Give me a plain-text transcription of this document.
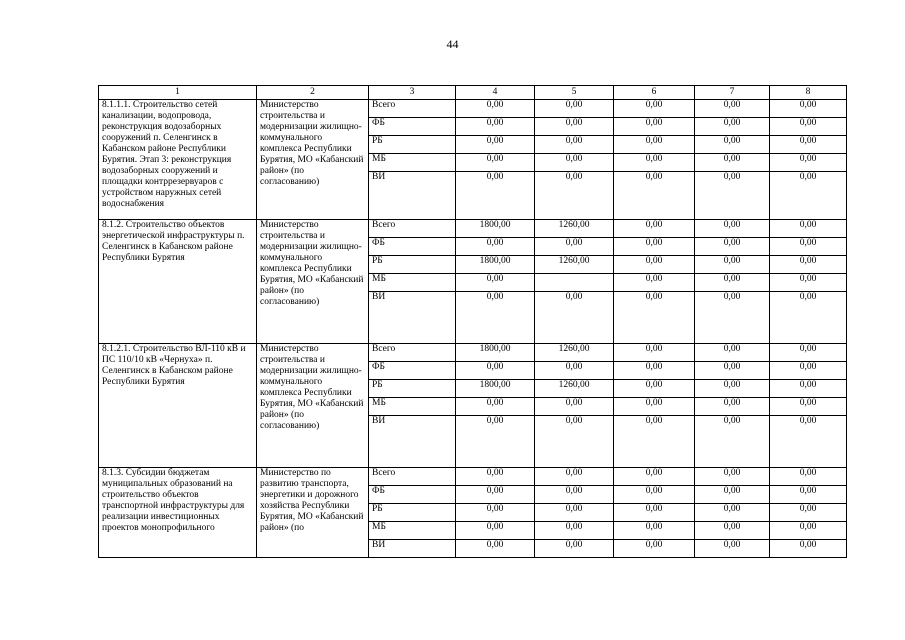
44
1	2	3	4	5	6	7	8
8.1.1.1. Строительство сетей канализации, водопровода, реконструкция водозаборных сооружений п. Селенгинск в Кабанском районе Республики Бурятия. Этап 3: реконструкция водозаборных сооружений и площадки контррезервуаров с устройством наружных сетей водоснабжения	Министерство строительства и модернизации жилищно-коммунального комплекса Республики Бурятия, МО «Кабанский район» (по согласованию)	Всего	0,00	0,00	0,00	0,00	0,00
		ФБ	0,00	0,00	0,00	0,00	0,00
		РБ	0,00	0,00	0,00	0,00	0,00
		МБ	0,00	0,00	0,00	0,00	0,00
		ВИ	0,00	0,00	0,00	0,00	0,00
8.1.2. Строительство объектов энергетической инфраструктуры п. Селенгинск в Кабанском районе Республики Бурятия	Министерство строительства и модернизации жилищно-коммунального комплекса Республики Бурятия, МО «Кабанский район» (по согласованию)	Всего	1800,00	1260,00	0,00	0,00	0,00
		ФБ	0,00	0,00	0,00	0,00	0,00
		РБ	1800,00	1260,00	0,00	0,00	0,00
		МБ	0,00		0,00	0,00	0,00
		ВИ	0,00	0,00	0,00	0,00	0,00
8.1.2.1. Строительство ВЛ-110 кВ и ПС 110/10 кВ «Чернуха» п. Селенгинск в Кабанском районе Республики Бурятия	Министерство строительства и модернизации жилищно-коммунального комплекса Республики Бурятия, МО «Кабанский район» (по согласованию)	Всего	1800,00	1260,00	0,00	0,00	0,00
		ФБ	0,00	0,00	0,00	0,00	0,00
		РБ	1800,00	1260,00	0,00	0,00	0,00
		МБ	0,00	0,00	0,00	0,00	0,00
		ВИ	0,00	0,00	0,00	0,00	0,00
8.1.3. Субсидии бюджетам муниципальных образований на строительство объектов транспортной инфраструктуры для реализации инвестиционных проектов монопрофильного	Министерство по развитию транспорта, энергетики и дорожного хозяйства Республики Бурятия, МО «Кабанский район» (по	Всего	0,00	0,00	0,00	0,00	0,00
		ФБ	0,00	0,00	0,00	0,00	0,00
		РБ	0,00	0,00	0,00	0,00	0,00
		МБ	0,00	0,00	0,00	0,00	0,00
		ВИ	0,00	0,00	0,00	0,00	0,00
